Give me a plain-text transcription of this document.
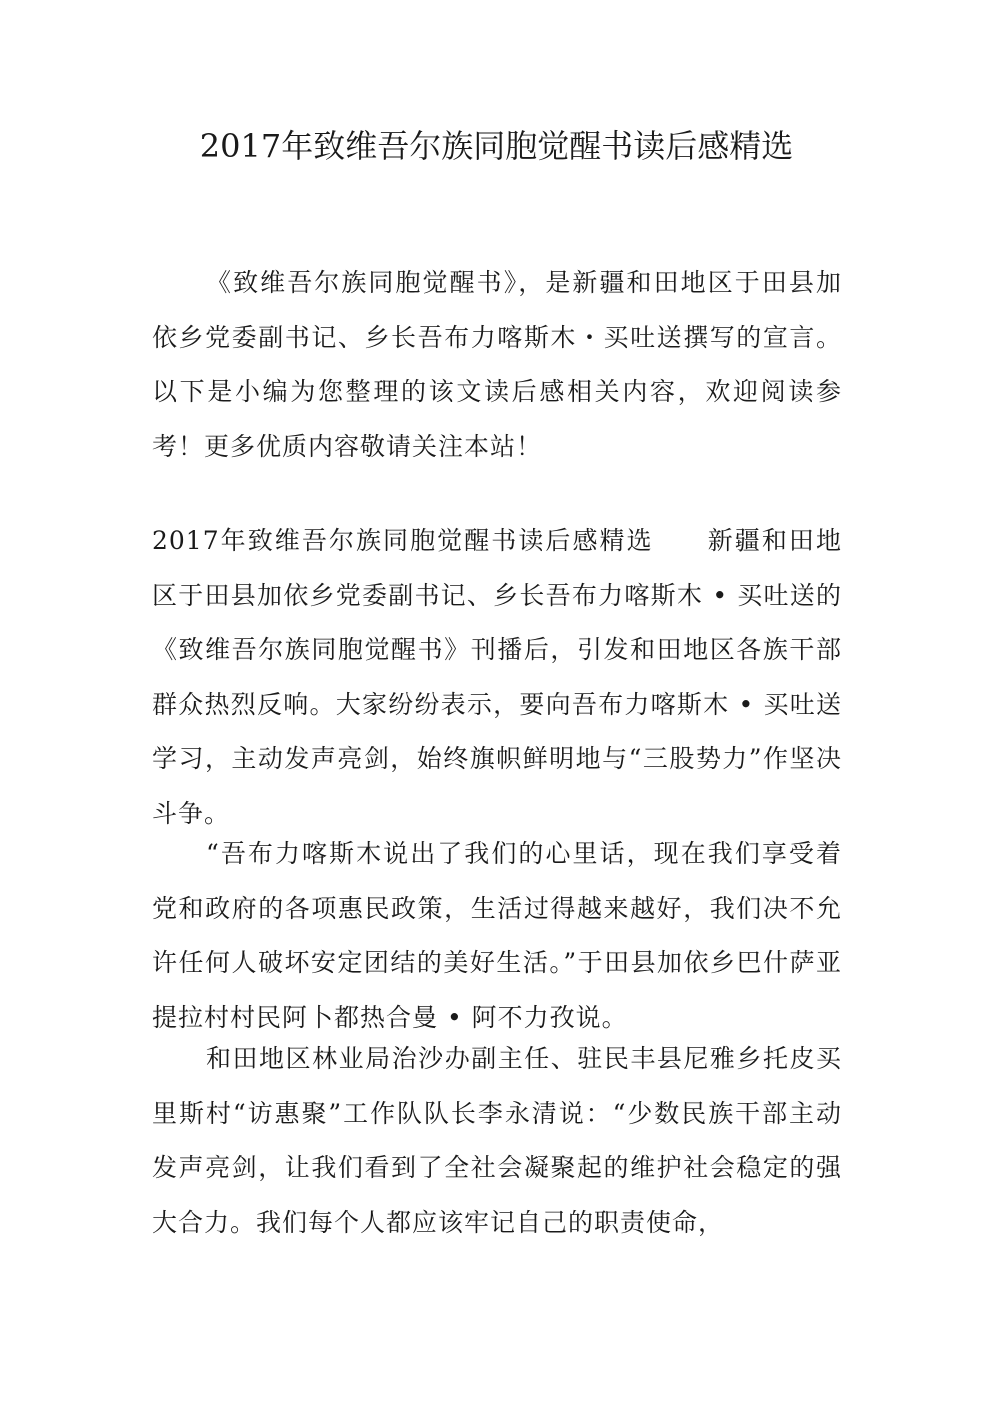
2017年致维吾尔族同胞觉醒书读后感精选

《致维吾尔族同胞觉醒书》，是新疆和田地区于田县加依乡党委副书记、乡长吾布力喀斯木・买吐送撰写的宣言。以下是小编为您整理的该文读后感相关内容，欢迎阅读参考！更多优质内容敬请关注本站！

2017年致维吾尔族同胞觉醒书读后感精选　　新疆和田地区于田县加依乡党委副书记、乡长吾布力喀斯木 • 买吐送的《致维吾尔族同胞觉醒书》刊播后，引发和田地区各族干部群众热烈反响。大家纷纷表示，要向吾布力喀斯木 • 买吐送学习，主动发声亮剑，始终旗帜鲜明地与“三股势力”作坚决斗争。

“吾布力喀斯木说出了我们的心里话，现在我们享受着党和政府的各项惠民政策，生活过得越来越好，我们决不允许任何人破坏安定团结的美好生活。”于田县加依乡巴什萨亚提拉村村民阿卜都热合曼 • 阿不力孜说。

和田地区林业局治沙办副主任、驻民丰县尼雅乡托皮买里斯村“访惠聚”工作队队长李永清说：“少数民族干部主动发声亮剑，让我们看到了全社会凝聚起的维护社会稳定的强大合力。我们每个人都应该牢记自己的职责使命，
